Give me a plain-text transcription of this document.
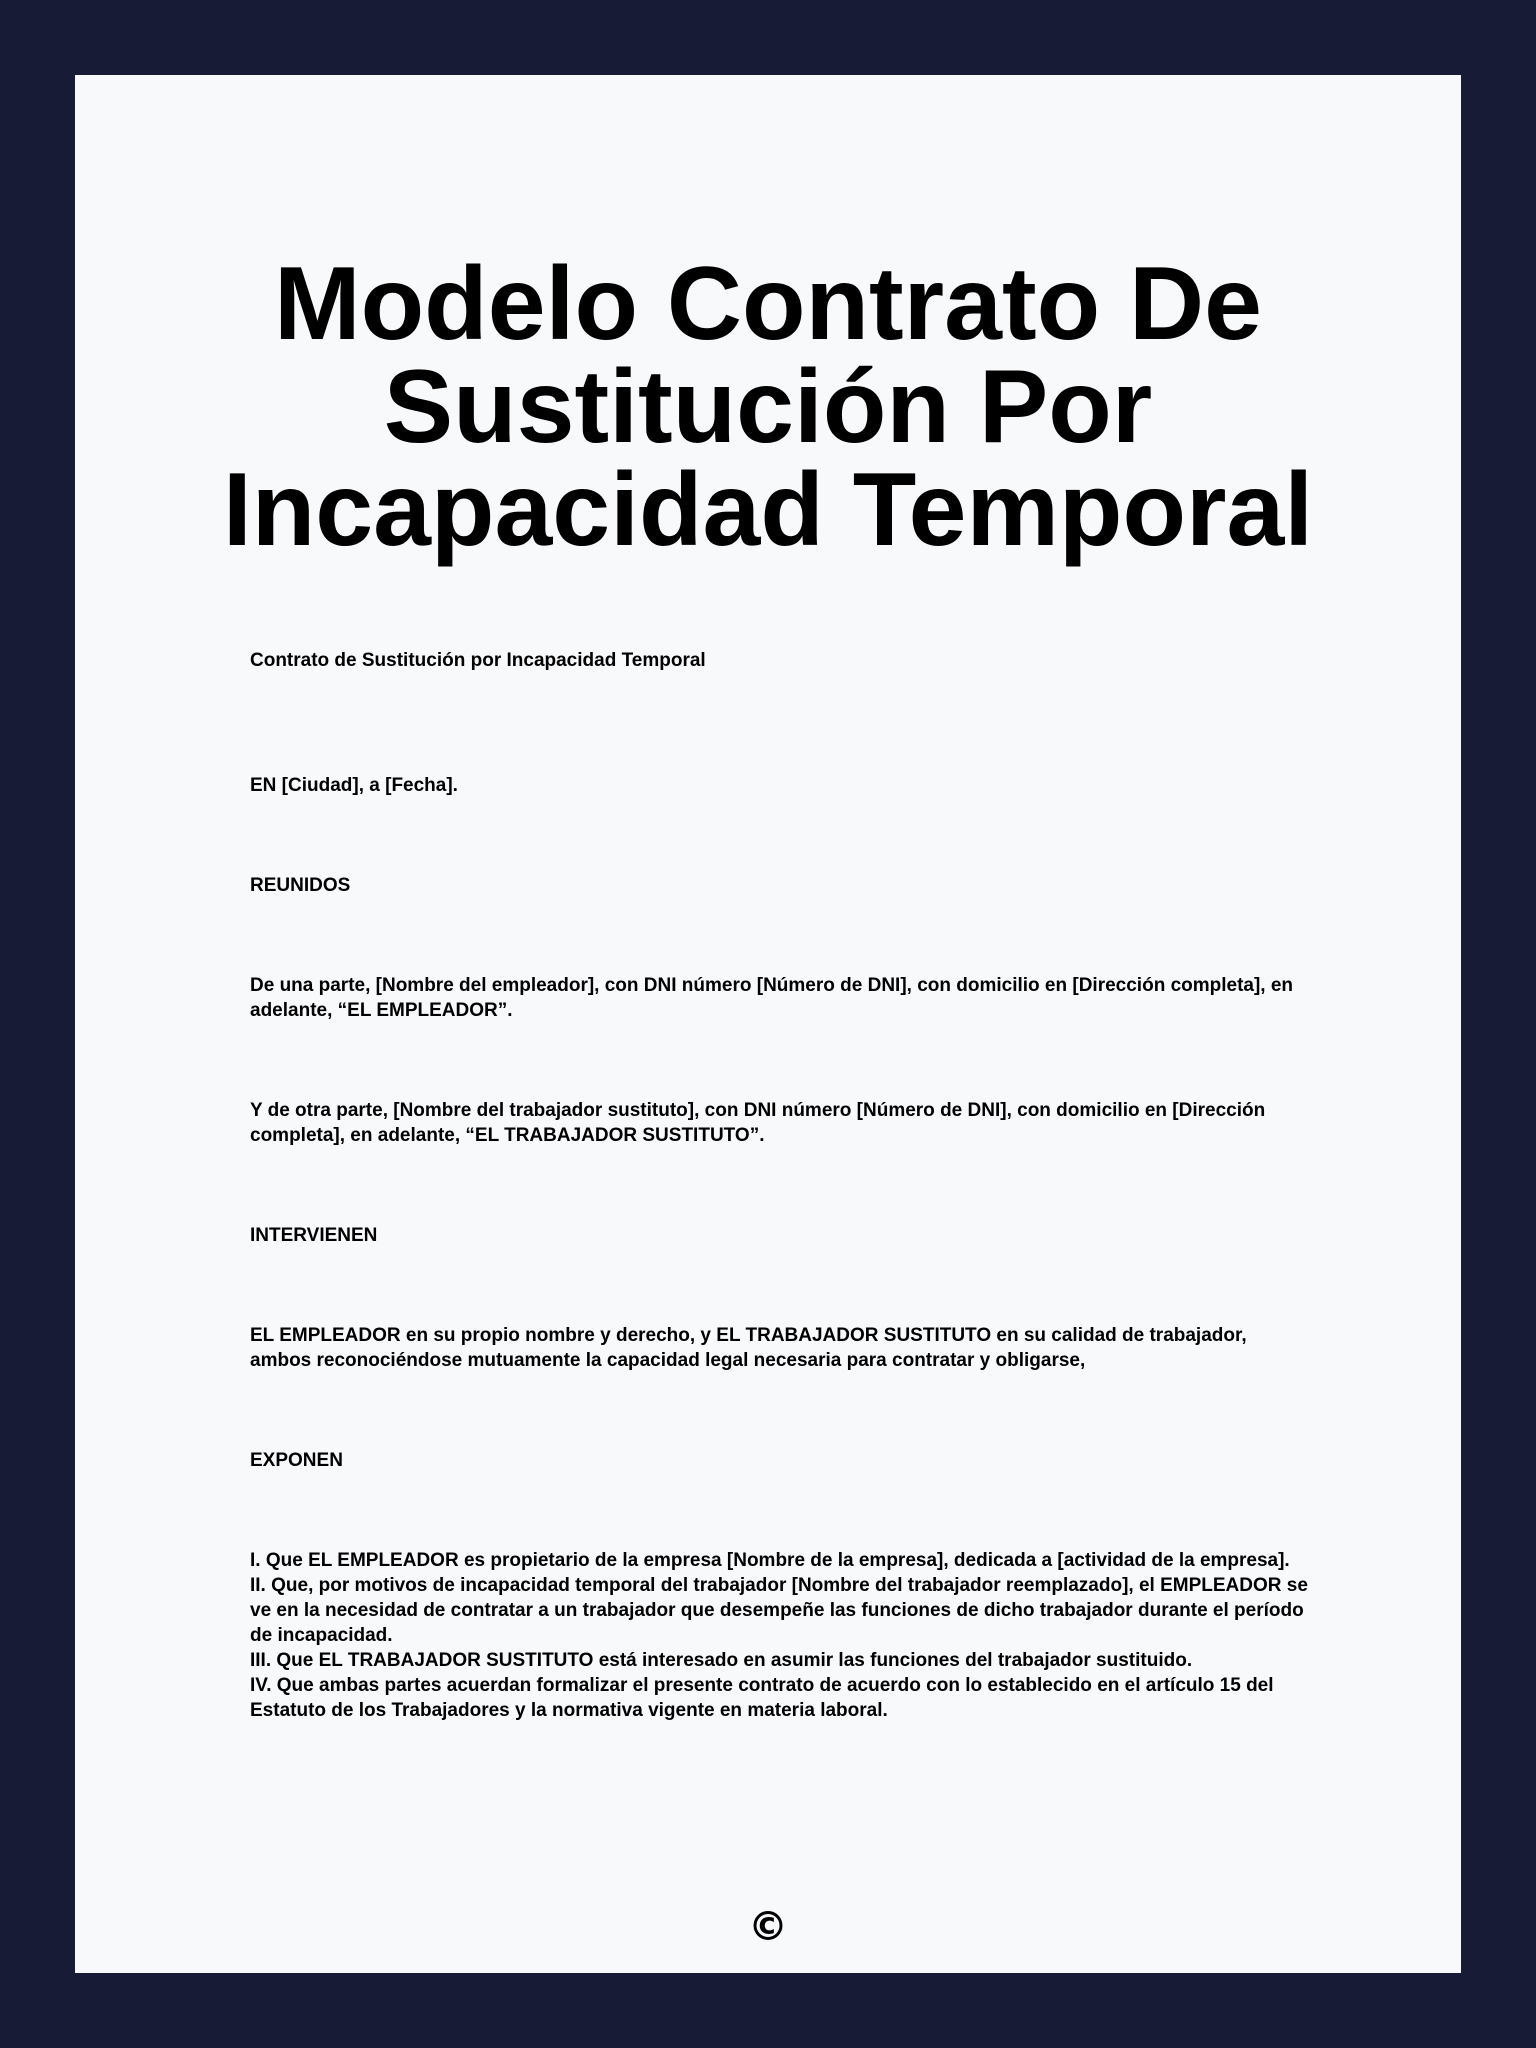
Modelo Contrato De Sustitución Por Incapacidad Temporal

Contrato de Sustitución por Incapacidad Temporal

EN [Ciudad], a [Fecha].

REUNIDOS

De una parte, [Nombre del empleador], con DNI número [Número de DNI], con domicilio en [Dirección completa], en adelante, “EL EMPLEADOR”.

Y de otra parte, [Nombre del trabajador sustituto], con DNI número [Número de DNI], con domicilio en [Dirección completa], en adelante, “EL TRABAJADOR SUSTITUTO”.

INTERVIENEN

EL EMPLEADOR en su propio nombre y derecho, y EL TRABAJADOR SUSTITUTO en su calidad de trabajador, ambos reconociéndose mutuamente la capacidad legal necesaria para contratar y obligarse,

EXPONEN

I. Que EL EMPLEADOR es propietario de la empresa [Nombre de la empresa], dedicada a [actividad de la empresa].

II. Que, por motivos de incapacidad temporal del trabajador [Nombre del trabajador reemplazado], el EMPLEADOR se ve en la necesidad de contratar a un trabajador que desempeñe las funciones de dicho trabajador durante el período de incapacidad.

III. Que EL TRABAJADOR SUSTITUTO está interesado en asumir las funciones del trabajador sustituido.

IV. Que ambas partes acuerdan formalizar el presente contrato de acuerdo con lo establecido en el artículo 15 del Estatuto de los Trabajadores y la normativa vigente en materia laboral.

©
